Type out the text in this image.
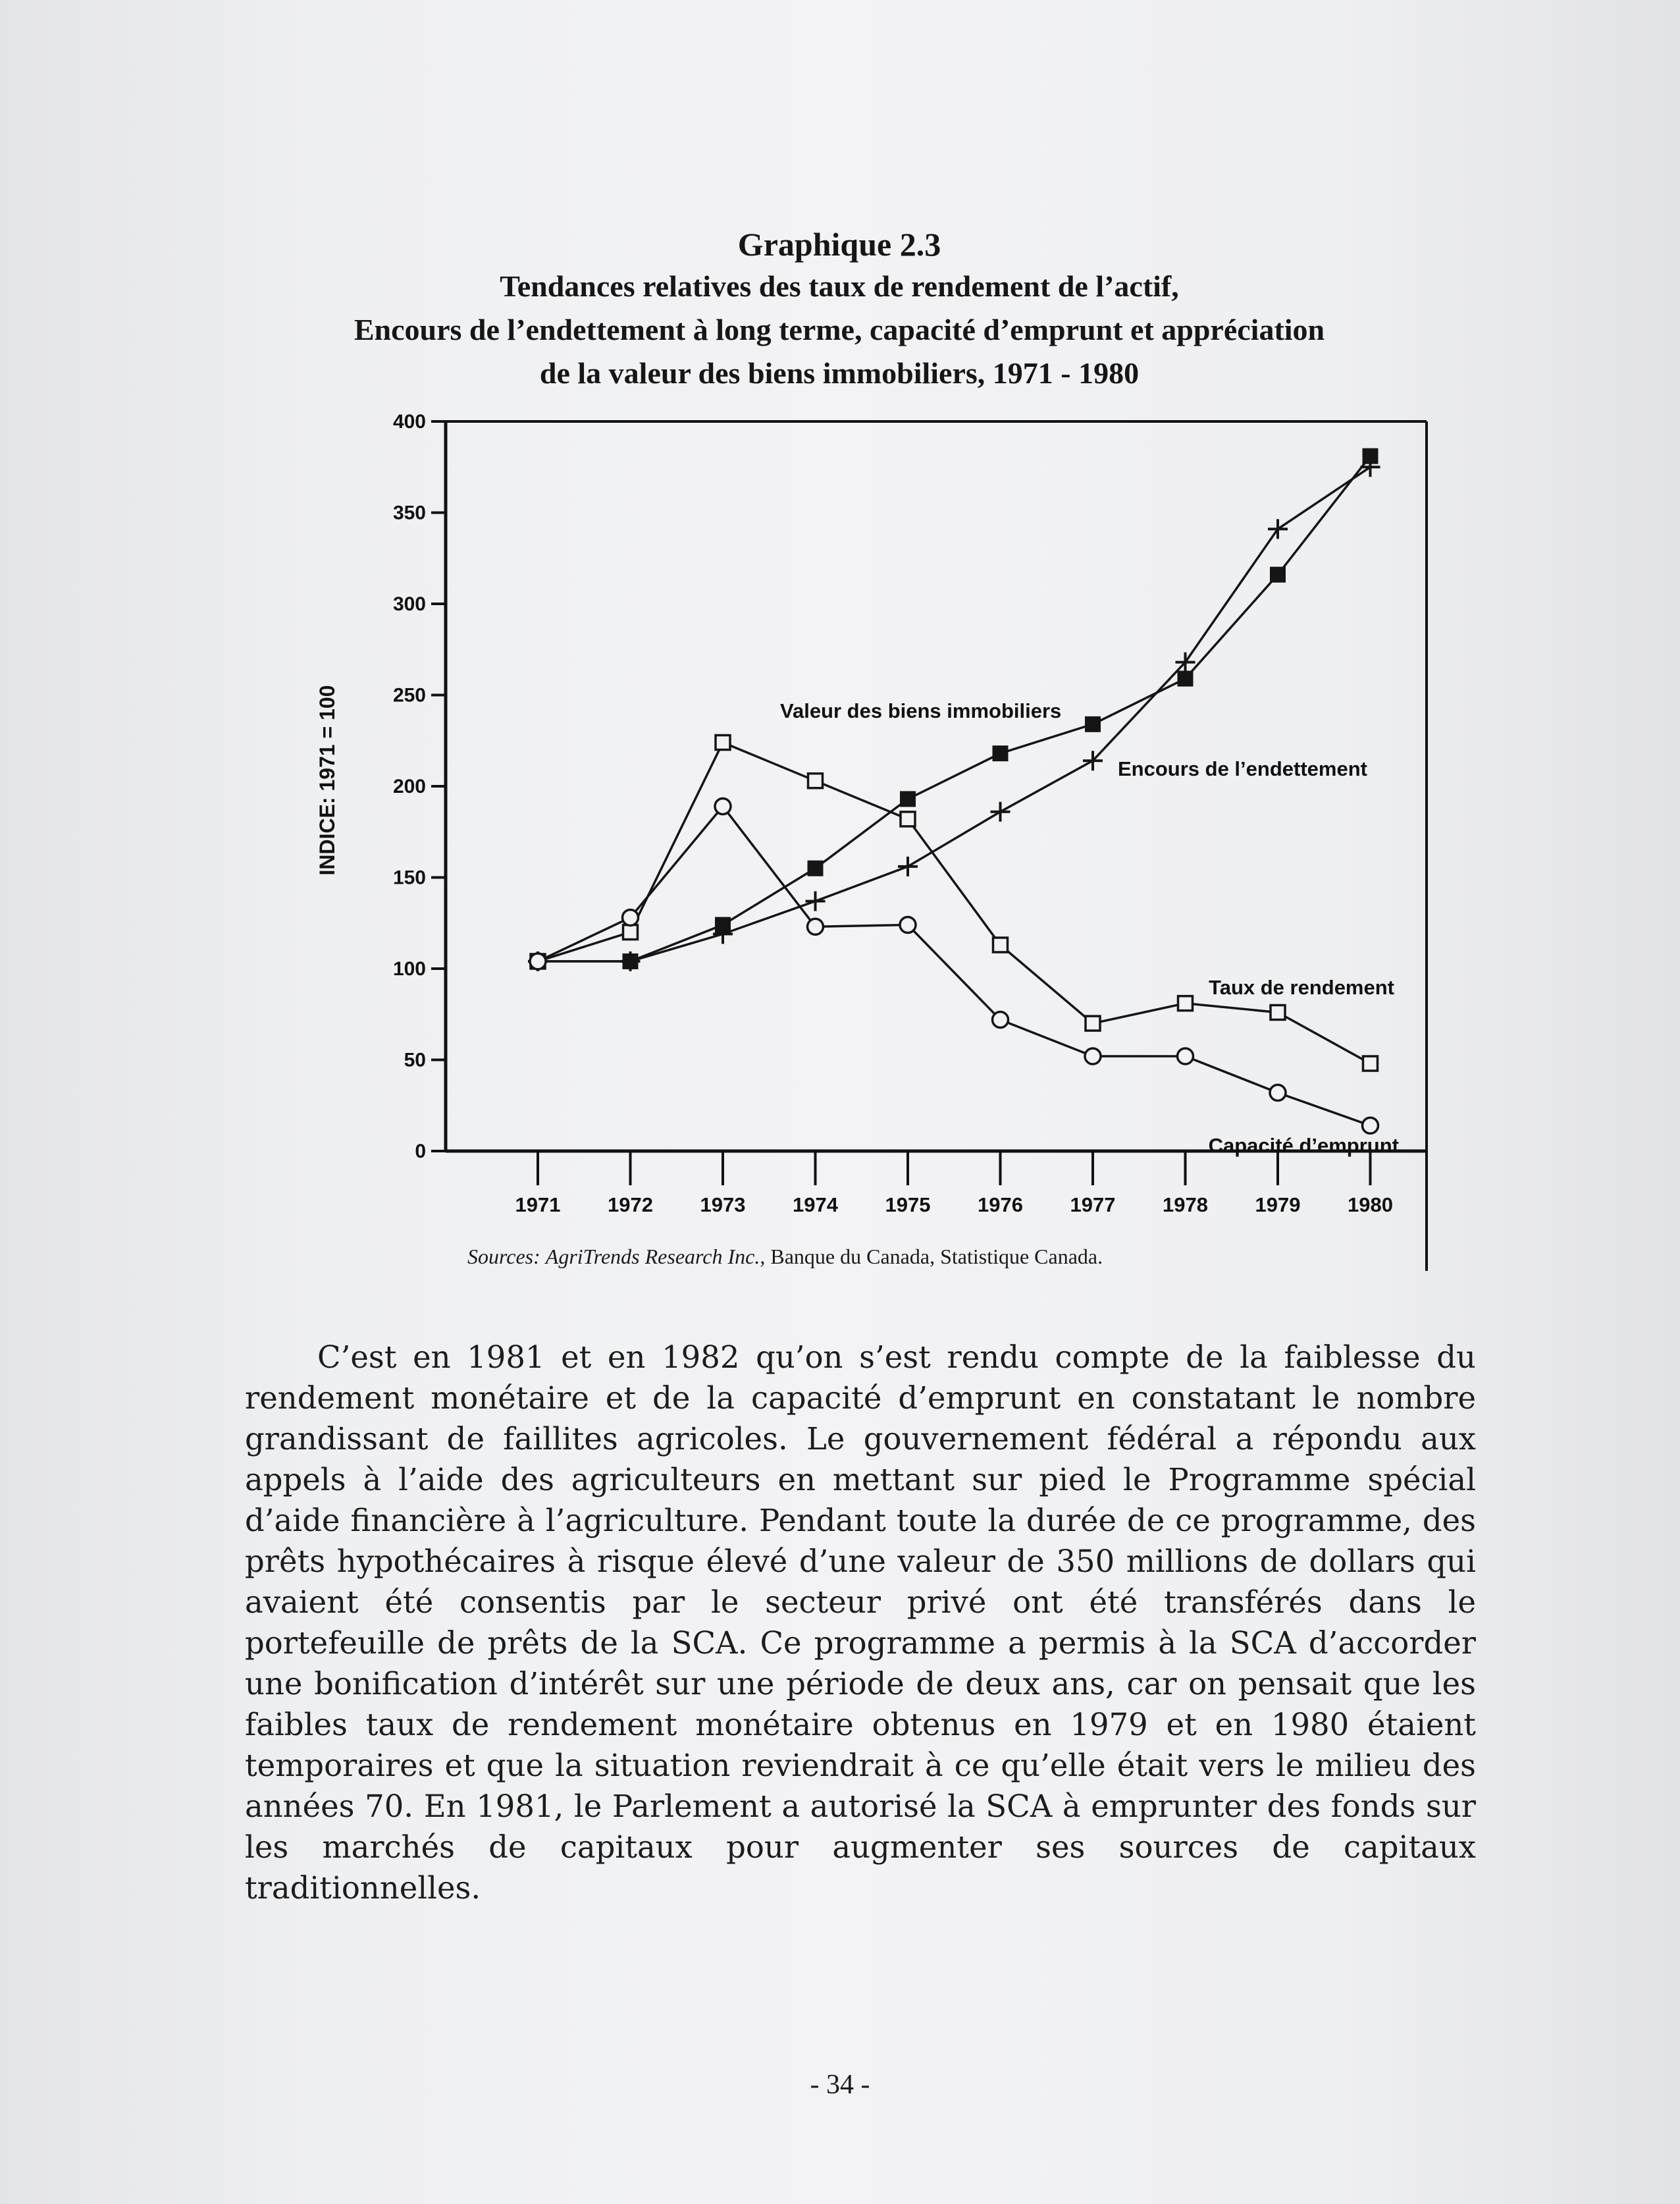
Graphique 2.3
Tendances relatives des taux de rendement de l’actif,
Encours de l’endettement à long terme, capacité d’emprunt et appréciation
de la valeur des biens immobiliers, 1971 - 1980
0
50
100
150
200
250
300
350
400
1971 1972 1973 1974 1975 1976 1977 1978 1979 1980
INDICE: 1971 = 100	Valeur des biens immobiliers
Encours de l’endettement
Taux de rendement
Capacité d’emprunt
Sources: AgriTrends Research Inc., Banque du Canada, Statistique Canada.

C’est en 1981 et en 1982 qu’on s’est rendu compte de la faiblesse du rendement monétaire et de la capacité d’emprunt en constatant le nombre grandissant de faillites agricoles. Le gouvernement fédéral a répondu aux appels à l’aide des agriculteurs en mettant sur pied le Programme spécial d’aide financière à l’agriculture. Pendant toute la durée de ce programme, des prêts hypothécaires à risque élevé d’une valeur de 350 millions de dollars qui avaient été consentis par le secteur privé ont été transférés dans le portefeuille de prêts de la SCA. Ce programme a permis à la SCA d’accorder une bonification d’intérêt sur une période de deux ans, car on pensait que les faibles taux de rendement monétaire obtenus en 1979 et en 1980 étaient temporaires et que la situation reviendrait à ce qu’elle était vers le milieu des années 70. En 1981, le Parlement a autorisé la SCA à emprunter des fonds sur les marchés de capitaux pour augmenter ses sources de capitaux traditionnelles.

- 34 -
